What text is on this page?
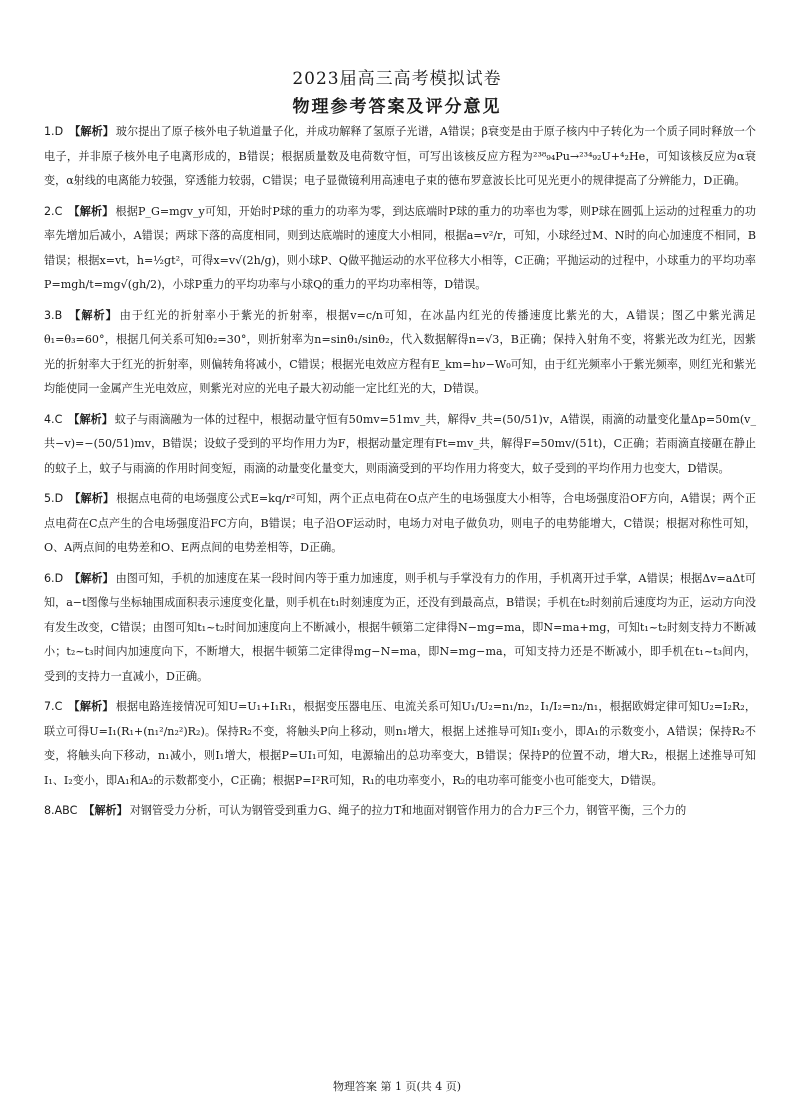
2023届高三高考模拟试卷
物理参考答案及评分意见

1.D 【解析】 玻尔提出了原子核外电子轨道量子化，并成功解释了氢原子光谱，A错误；β衰变是由于原子核内中子转化为一个质子同时释放一个电子，并非原子核外电子电离形成的，B错误；根据质量数及电荷数守恒，可写出该核反应方程为²³⁸₉₄Pu→²³⁴₉₂U+⁴₂He，可知该核反应为α衰变，α射线的电离能力较强，穿透能力较弱，C错误；电子显微镜利用高速电子束的德布罗意波长比可见光更小的规律提高了分辨能力，D正确。

2.C 【解析】 根据P_G=mgv_y可知，开始时P球的重力的功率为零，到达底端时P球的重力的功率也为零，则P球在圆弧上运动的过程重力的功率先增加后减小，A错误；两球下落的高度相同，则到达底端时的速度大小相同，根据a=v²/r，可知，小球经过M、N时的向心加速度不相同，B错误；根据x=vt，h=½gt²，可得x=v√(2h/g)，则小球P、Q做平抛运动的水平位移大小相等，C正确；平抛运动的过程中，小球重力的平均功率P=mgh/t=mg√(gh/2)，小球P重力的平均功率与小球Q的重力的平均功率相等，D错误。

3.B 【解析】 由于红光的折射率小于紫光的折射率，根据v=c/n可知，在冰晶内红光的传播速度比紫光的大，A错误；图乙中紫光满足θ₁=θ₃=60°，根据几何关系可知θ₂=30°，则折射率为n=sinθ₁/sinθ₂，代入数据解得n=√3，B正确；保持入射角不变，将紫光改为红光，因紫光的折射率大于红光的折射率，则偏转角将减小，C错误；根据光电效应方程有E_km=hν−W₀可知，由于红光频率小于紫光频率，则红光和紫光均能使同一金属产生光电效应，则紫光对应的光电子最大初动能一定比红光的大，D错误。

4.C 【解析】 蚊子与雨滴融为一体的过程中，根据动量守恒有50mv=51mv_共，解得v_共=(50/51)v，A错误，雨滴的动量变化量Δp=50m(v_共−v)=−(50/51)mv，B错误；设蚊子受到的平均作用力为F，根据动量定理有Ft=mv_共，解得F=50mv/(51t)，C正确；若雨滴直接砸在静止的蚊子上，蚊子与雨滴的作用时间变短，雨滴的动量变化量变大，则雨滴受到的平均作用力将变大，蚊子受到的平均作用力也变大，D错误。

5.D 【解析】 根据点电荷的电场强度公式E=kq/r²可知，两个正点电荷在O点产生的电场强度大小相等，合电场强度沿OF方向，A错误；两个正点电荷在C点产生的合电场强度沿FC方向，B错误；电子沿OF运动时，电场力对电子做负功，则电子的电势能增大，C错误；根据对称性可知，O、A两点间的电势差和O、E两点间的电势差相等，D正确。

6.D 【解析】 由图可知，手机的加速度在某一段时间内等于重力加速度，则手机与手掌没有力的作用，手机离开过手掌，A错误；根据Δv=aΔt可知，a−t图像与坐标轴围成面积表示速度变化量，则手机在t₁时刻速度为正，还没有到最高点，B错误；手机在t₂时刻前后速度均为正，运动方向没有发生改变，C错误；由图可知t₁~t₂时间加速度向上不断减小，根据牛顿第二定律得N−mg=ma，即N=ma+mg，可知t₁~t₂时刻支持力不断减小；t₂~t₃时间内加速度向下，不断增大，根据牛顿第二定律得mg−N=ma，即N=mg−ma，可知支持力还是不断减小，即手机在t₁~t₃间内，受到的支持力一直减小，D正确。

7.C 【解析】 根据电路连接情况可知U=U₁+I₁R₁，根据变压器电压、电流关系可知U₁/U₂=n₁/n₂，I₁/I₂=n₂/n₁，根据欧姆定律可知U₂=I₂R₂，联立可得U=I₁(R₁+(n₁²/n₂²)R₂)。保持R₂不变，将触头P向上移动，则n₁增大，根据上述推导可知I₁变小，即A₁的示数变小，A错误；保持R₂不变，将触头向下移动，n₁减小，则I₁增大，根据P=UI₁可知，电源输出的总功率变大，B错误；保持P的位置不动，增大R₂，根据上述推导可知I₁、I₂变小，即A₁和A₂的示数都变小，C正确；根据P=I²R可知，R₁的电功率变小，R₂的电功率可能变小也可能变大，D错误。

8.ABC 【解析】 对钢管受力分析，可认为钢管受到重力G、绳子的拉力T和地面对钢管作用力的合力F三个力，钢管平衡，三个力的

物理答案 第 1 页(共 4 页)
